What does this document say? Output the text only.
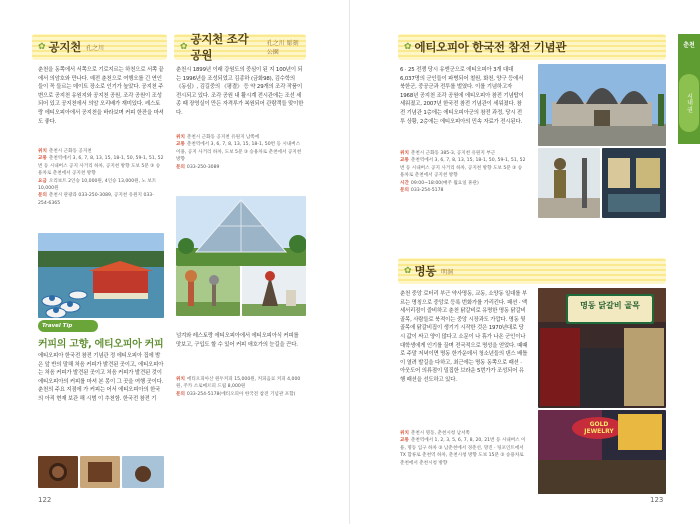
✿ 공지천 孔之川
춘천을 동쪽에서 서쪽으로 기로지르는 하천으로 서쪽 끝에서 의암호와 만나다. 예전 춘천으로 여행오를 긴 연인들이 꼭 들르는 데이트 장소로 인기가 높았다. 공지천 주변으로 공지천 유원지와 공지천 공원, 조각 공원이 조성되어 있고 공지천에서 의암 오리배가 재미있다. 레스토랑 에티오피아에서 공지천을 바라보며 커피 한잔을 마셔도 좋다.
위치 춘천시 근화동 공지천
교통 춘천역에서 3, 6, 7, 8, 13, 15, 18-1, 50, 59-1, 51, 52번 등 시내버스 공지 사거리 하차, 공지천 방향 도보 5분 ③ 승용차로 춘천에서 공지천 방향
요금 오리보트 2인승 10,000원, 4인승 13,000원, 노 보트 10,000원
문의 춘천시 관광과 033-250-3089, 공지천 유원지 033-254-6365
✿
공지천 조각 공원
孔之川 彫刻 公園
춘천시 1899년 이래 강원도의 중심이 된 지 100년이 되는 1996년을 조성되었고 김종하 (금화98), 김수학의 《동심》, 김길중의 《평결》 등 약 29개의 조각 작품이 전시되고 있다. 조각 공원 내 활시계 전시관에는 조선 세종 때 장영실이 만든 자격루가 복원되어 관람객들 맞이한다.
위치 춘천시 근화동 공지천 유원지 남쪽에
교통 춘천역에서 3, 6, 7, 8, 13, 15, 18-1, 50번 등 시내버스 이용, 공지 사거리 하차, 도보 5분 ③ 승용차로 춘천에서 공지천 방향
문의 033-250-3089
Travel Tip
커피의 고향, 에티오피아 커피
에티오피아 한국전 참전 기념관 정 에티오피아 집에 밤은 앞 반의 말해 처음 커피가 밝견된 곳이고, 에티오피아는 처음 커피가 발견된 곳이고 처음 커피가 발견된 것이 에티오피아의 커피를 마셔 본 몽이 그 곳을 여행 곳이다. 춘천의 주요 지점에 가 커피는 어서 에티오피아의 한국의 아직 현재 보관 해 시범 이 추천함. 한국전 참전 기
넘겨와 레스토랑 에티오피아에서 에티오피아식 커피를 맛보고, 구입도 할 수 있어 커피 애호가의 눈길을 끈다.
위치 에티오피아산 원두커피 15,000원, 커피음료 커피 4,000원, 주카 소로메르피 드립 8,000원
문의 033-254-5178(에티오피아 한국전 참전 기념관 포함)
122
✿ 에티오피아 한국전 참전 기념관
6 · 25 전쟁 당시 유엔군으로 에티오피아 3개 대대 6,037명의 군인들이 파병되어 철원, 화천, 양구 등에서 북한군, 중공군과 전투를 벌였다. 이를 기념하고자 1968년 공지천 조각 공원에 에티오피아 참전 기념탑이 세워졌고, 2007년 한국전 참전 기념관이 세워졌다. 참전 기념관 1층에는 에티오피아군의 참전 과정, 당시 전투 상황, 2층에는 에티오피아의 민속 자료가 전시된다.
위치 춘천시 근화동 385-3, 공지천 유원지 부근
교통 춘천역에서 3, 6, 7, 8, 13, 15, 18-1, 50, 59-1, 51, 52번 등 시내버스 공지 사거리 하차, 공지천 방향 도보 5분 ③ 승용차로 춘천에서 공지천 방향
시간 09:00~18:00(매주 월요일 휴관)
문의 033-254-5178
✿ 명동 明洞
춘천 중앙 로터리 부근 약사명동, 교동, 소양동 일대를 부르는 명칭으로 중앙로 등록 번화가를 가리킨다. 패션 · 액세서리점이 즐비하고 춘천 닭갈비로 유명한 명동 닭갈비 골목, 사람들로 북적이는 중앙 시장과도 가깝다. 명동 뒷골목에 닭갈비집이 생기기 시작한 것은 1970년대로 당시 값이 싸고 양이 많다고 소문이 나 휴가 나온 군인이나 대학생에게 인기를 끌며 전국적으로 명성을 얻었다. 때때로 주말 저녁이면 명동 한가운데서 청소년들의 댄스 배틀이 열려 발길을 다하고, 최근에는 명동 동쪽으로 패션 · 아웃도어 의류점이 밀집한 브라운 5번가가 조성되어 유행 패션을 선도하고 있다.
위치 춘천시 명동, 춘천시청 남서쪽
교통 춘천역에서 1, 2, 3, 5, 6, 7, 8, 20, 21번 등 시내버스 이용, 명동 입구 하차 ③ 남춘천에서 경춘선, 망진 · 팅포인트에서 TX 합류로 춘천역 하차, 춘천시청 방향 도보 15분 ③ 승용차로 춘천에서 춘천시청 방향
명동 닭갈비 골목
GOLD JEWELRY
춘천
시내 권
123
